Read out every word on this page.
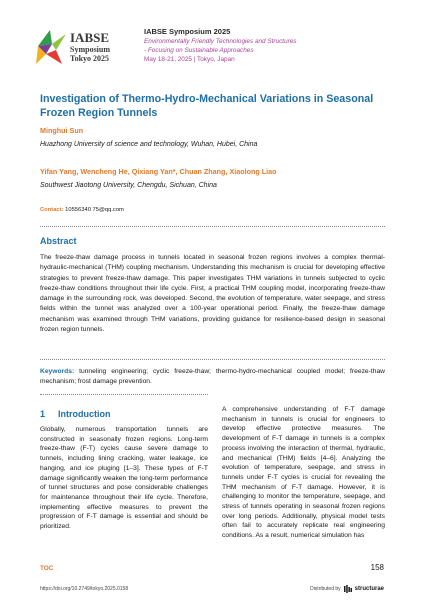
IABSE
Symposium
Tokyo 2025
IABSE Symposium 2025
Environmentally Friendly Technologies and Structures
- Focusing on Sustainable Approaches
May 18-21, 2025 | Tokyo, Japan
Investigation of Thermo-Hydro-Mechanical Variations in Seasonal
Frozen Region Tunnels
Minghui Sun
Huazhong University of science and technology, Wuhan, Hubei, China
Yifan Yang, Wencheng He, Qixiang Yan*, Chuan Zhang, Xiaolong Liao
Southwest Jiaotong University, Chengdu, Sichuan, China
Contact: 10556340 75@qq.com
Abstract
The freeze-thaw damage process in tunnels located in seasonal frozen regions involves a complex thermal-hydraulic-mechanical (THM) coupling mechanism. Understanding this mechanism is crucial for developing effective strategies to prevent freeze-thaw damage. This paper investigates THM variations in tunnels subjected to cyclic freeze-thaw conditions throughout their life cycle. First, a practical THM coupling model, incorporating freeze-thaw damage in the surrounding rock, was developed. Second, the evolution of temperature, water seepage, and stress fields within the tunnel was analyzed over a 100-year operational period. Finally, the freeze-thaw damage mechanism was examined through THM variations, providing guidance for resilience-based design in seasonal frozen region tunnels.
Keywords: tunneling engineering; cyclic freeze-thaw; thermo-hydro-mechanical coupled model; freeze-thaw mechanism; frost damage prevention.
1 Introduction
Globally, numerous transportation tunnels are constructed in seasonally frozen regions. Long-term freeze-thaw (F-T) cycles cause severe damage to tunnels, including lining cracking, water leakage, ice hanging, and ice pluging [1–3]. These types of F-T damage significantly weaken the long-term performance of tunnel structures and pose considerable challenges for maintenance throughout their life cycle. Therefore, implementing effective measures to prevent the progression of F-T damage is essential and should be prioritized.
A comprehensive understanding of F-T damage mechanism in tunnels is crucial for engineers to develop effective protective measures. The development of F-T damage in tunnels is a complex process involving the interaction of thermal, hydraulic, and mechanical (THM) fields [4–6]. Analyzing the evolution of temperature, seepage, and stress in tunnels under F-T cycles is crucial for revealing the THM mechanism of F-T damage. However, it is challenging to monitor the temperature, seepage, and stress of tunnels operating in seasonal frozen regions over long periods. Additionally, physical model tests often fail to accurately replicate real engineering conditions. As a result, numerical simulation has
TOC	158
https://doi.org/10.2749/tokyo.2025.0158	Distributed by structurae
